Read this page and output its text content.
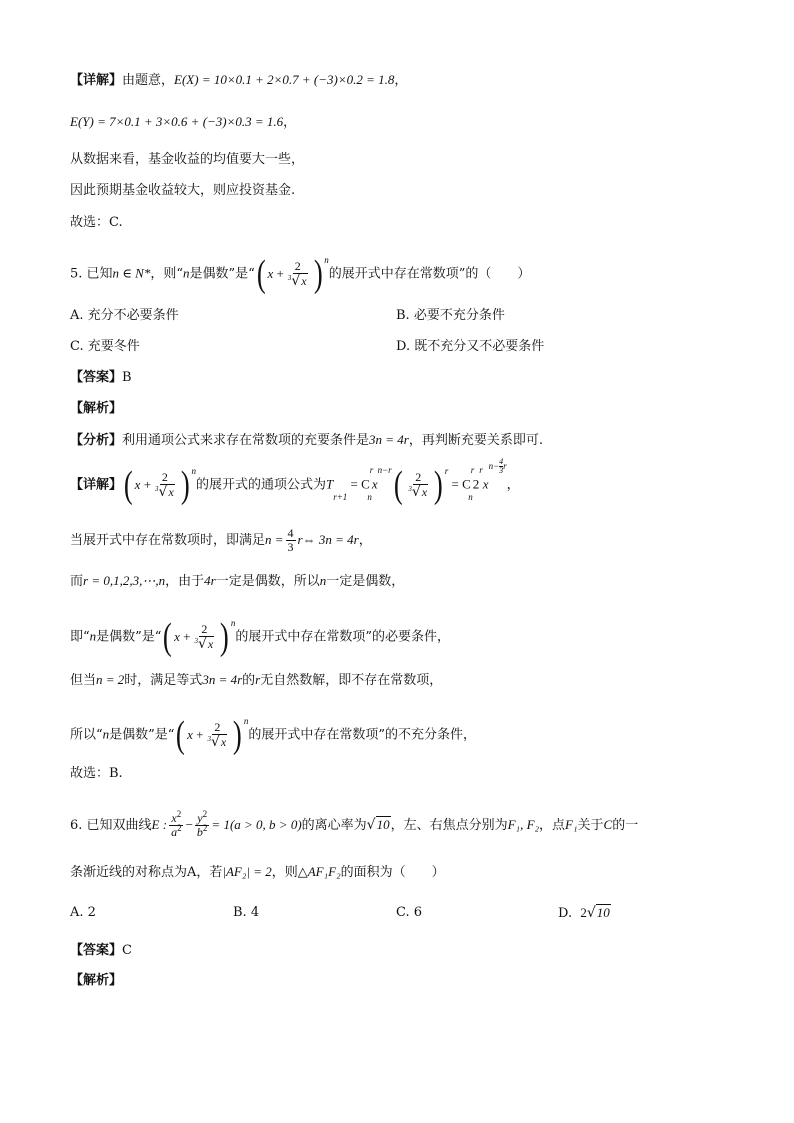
【详解】由题意，E(X) = 10×0.1 + 2×0.7 + (−3)×0.2 = 1.8，
E(Y) = 7×0.1 + 3×0.6 + (−3)×0.3 = 1.6，
从数据来看，基金收益的均值要大一些，
因此预期基金收益较大，则应投资基金.
故选：C.
5. 已知n ∈ N*，则“n是偶数”是“ ( $x + \frac{2}{^3√x}$ ) n
的展开式中存在常数项”的（　　）
A. 充分不必要条件	B. 必要不充分条件
C. 充要冬件	D. 既不充分又不必要条件
【答案】B
【解析】
【分析】利用通项公式来求存在常数项的充要条件是3n = 4r，再判断充要关系即可.
【详解】 ( $x + \frac{2}{^3√x}$ ) n
的展开式的通项公式为$T_{r+1} = C^r_nx^{n-r}$ ( $\frac{2}{^3√x}$ ) r
= $C^r_n2^rx^{n- \frac{4}{3} r}$，
当展开式中存在常数项时，即满足$n = \frac{4}{3}$ r⇔ 3n = 4r，
而r = 0,1,2,3,⋯,n，由于4r一定是偶数，所以n一定是偶数，
即“n是偶数”是“ ( $x + \frac{2}{^3√x}$ ) n
的展开式中存在常数项”的必要条件，
但当n = 2时，满足等式3n = 4r的r无自然数解，即不存在常数项，
所以“n是偶数”是“ ( $x + \frac{2}{^3√x}$ ) n
的展开式中存在常数项”的不充分条件，
故选：B.
6. 已知双曲线E : $\frac{x^2}{a^2} - \frac{y^2}{b^2} = 1(a > 0$, b > 0)的离心率为√10，左、右焦点分别为F₁, F₂，点F₁关于C的一
条渐近线的对称点为A，若|AF₂| = 2，则△AF₁F₂的面积为（　　）
A. 2	B. 4	C. 6	D. 2√10
【答案】C
【解析】
